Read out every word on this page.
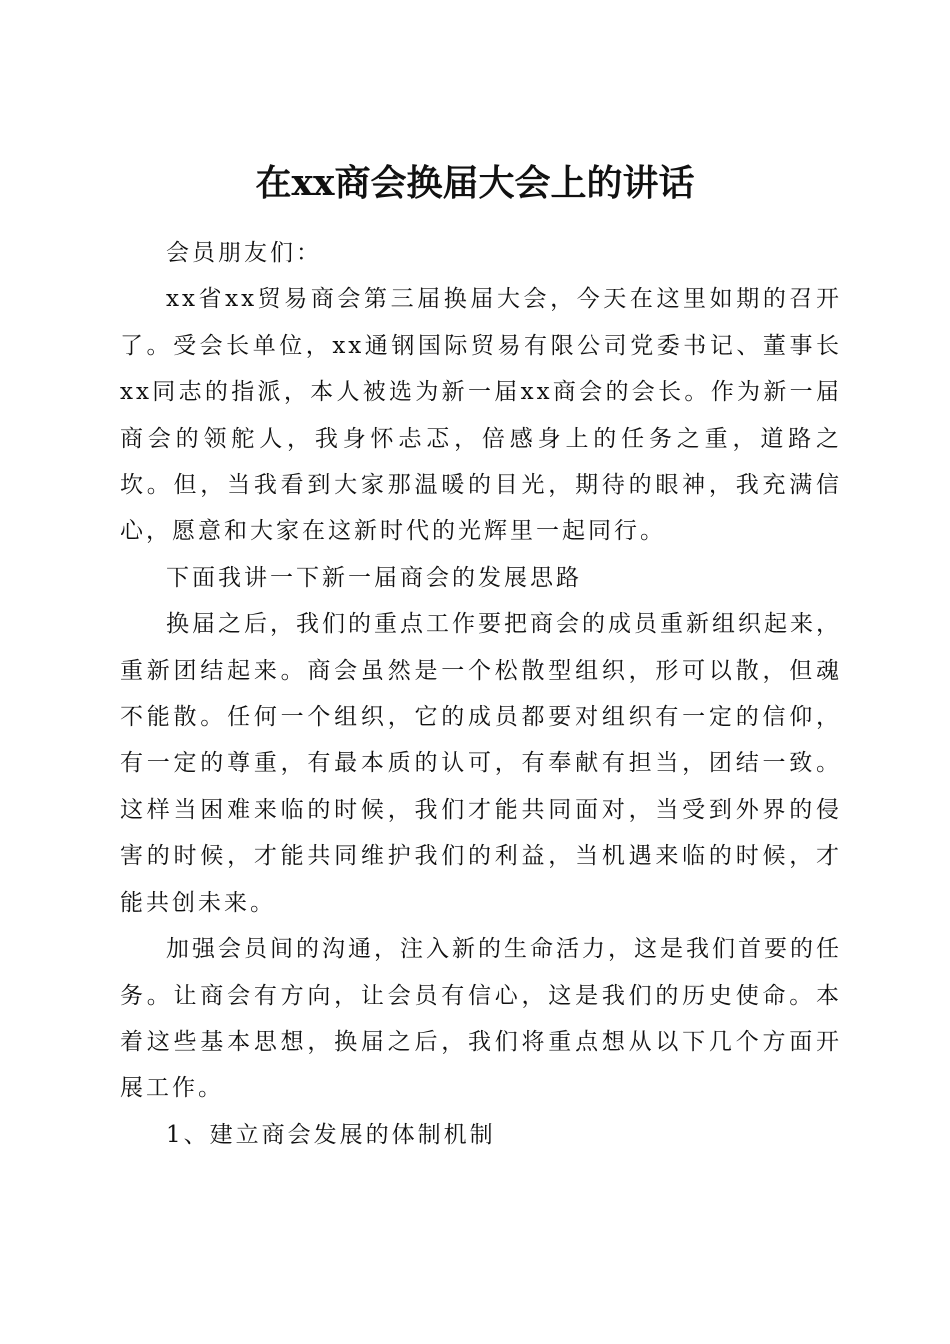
在xx商会换届大会上的讲话

会员朋友们：

xx省xx贸易商会第三届换届大会，今天在这里如期的召开了。受会长单位，xx通钢国际贸易有限公司党委书记、董事长xx同志的指派，本人被选为新一届xx商会的会长。作为新一届商会的领舵人，我身怀忐忑，倍感身上的任务之重，道路之坎。但，当我看到大家那温暖的目光，期待的眼神，我充满信心，愿意和大家在这新时代的光辉里一起同行。

下面我讲一下新一届商会的发展思路

换届之后，我们的重点工作要把商会的成员重新组织起来，重新团结起来。商会虽然是一个松散型组织，形可以散，但魂不能散。任何一个组织，它的成员都要对组织有一定的信仰，有一定的尊重，有最本质的认可，有奉献有担当，团结一致。这样当困难来临的时候，我们才能共同面对，当受到外界的侵害的时候，才能共同维护我们的利益，当机遇来临的时候，才能共创未来。

加强会员间的沟通，注入新的生命活力，这是我们首要的任务。让商会有方向，让会员有信心，这是我们的历史使命。本着这些基本思想，换届之后，我们将重点想从以下几个方面开展工作。

1、建立商会发展的体制机制
